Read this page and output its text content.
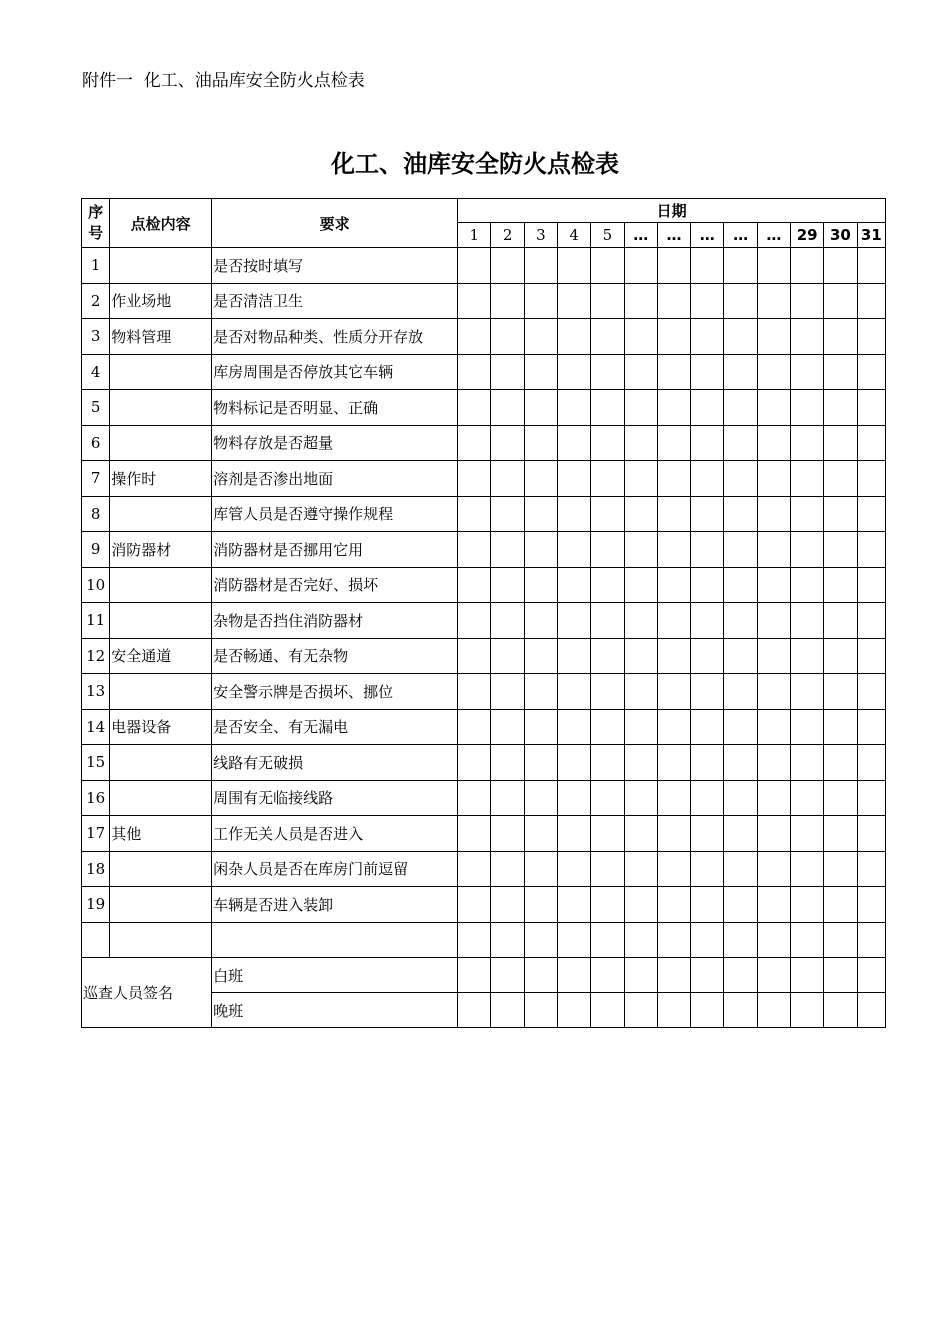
附件一  化工、油品库安全防火点检表
化工、油库安全防火点检表
序
号	点检内容	要求	日期												
			1	2	3	4	5	…	…	…	…	…	29	30	31
1		是否按时填写													
2	作业场地	是否清洁卫生													
3	物料管理	是否对物品种类、性质分开存放													
4		库房周围是否停放其它车辆													
5		物料标记是否明显、正确													
6		物料存放是否超量													
7	操作时	溶剂是否渗出地面													
8		库管人员是否遵守操作规程													
9	消防器材	消防器材是否挪用它用													
10		消防器材是否完好、损坏													
11		杂物是否挡住消防器材													
12	安全通道	是否畅通、有无杂物													
13		安全警示牌是否损坏、挪位													
14	电器设备	是否安全、有无漏电													
15		线路有无破损													
16		周围有无临接线路													
17	其他	工作无关人员是否进入													
18		闲杂人员是否在库房门前逗留													
19		车辆是否进入装卸													

巡查人员签名		白班													
		晚班													
